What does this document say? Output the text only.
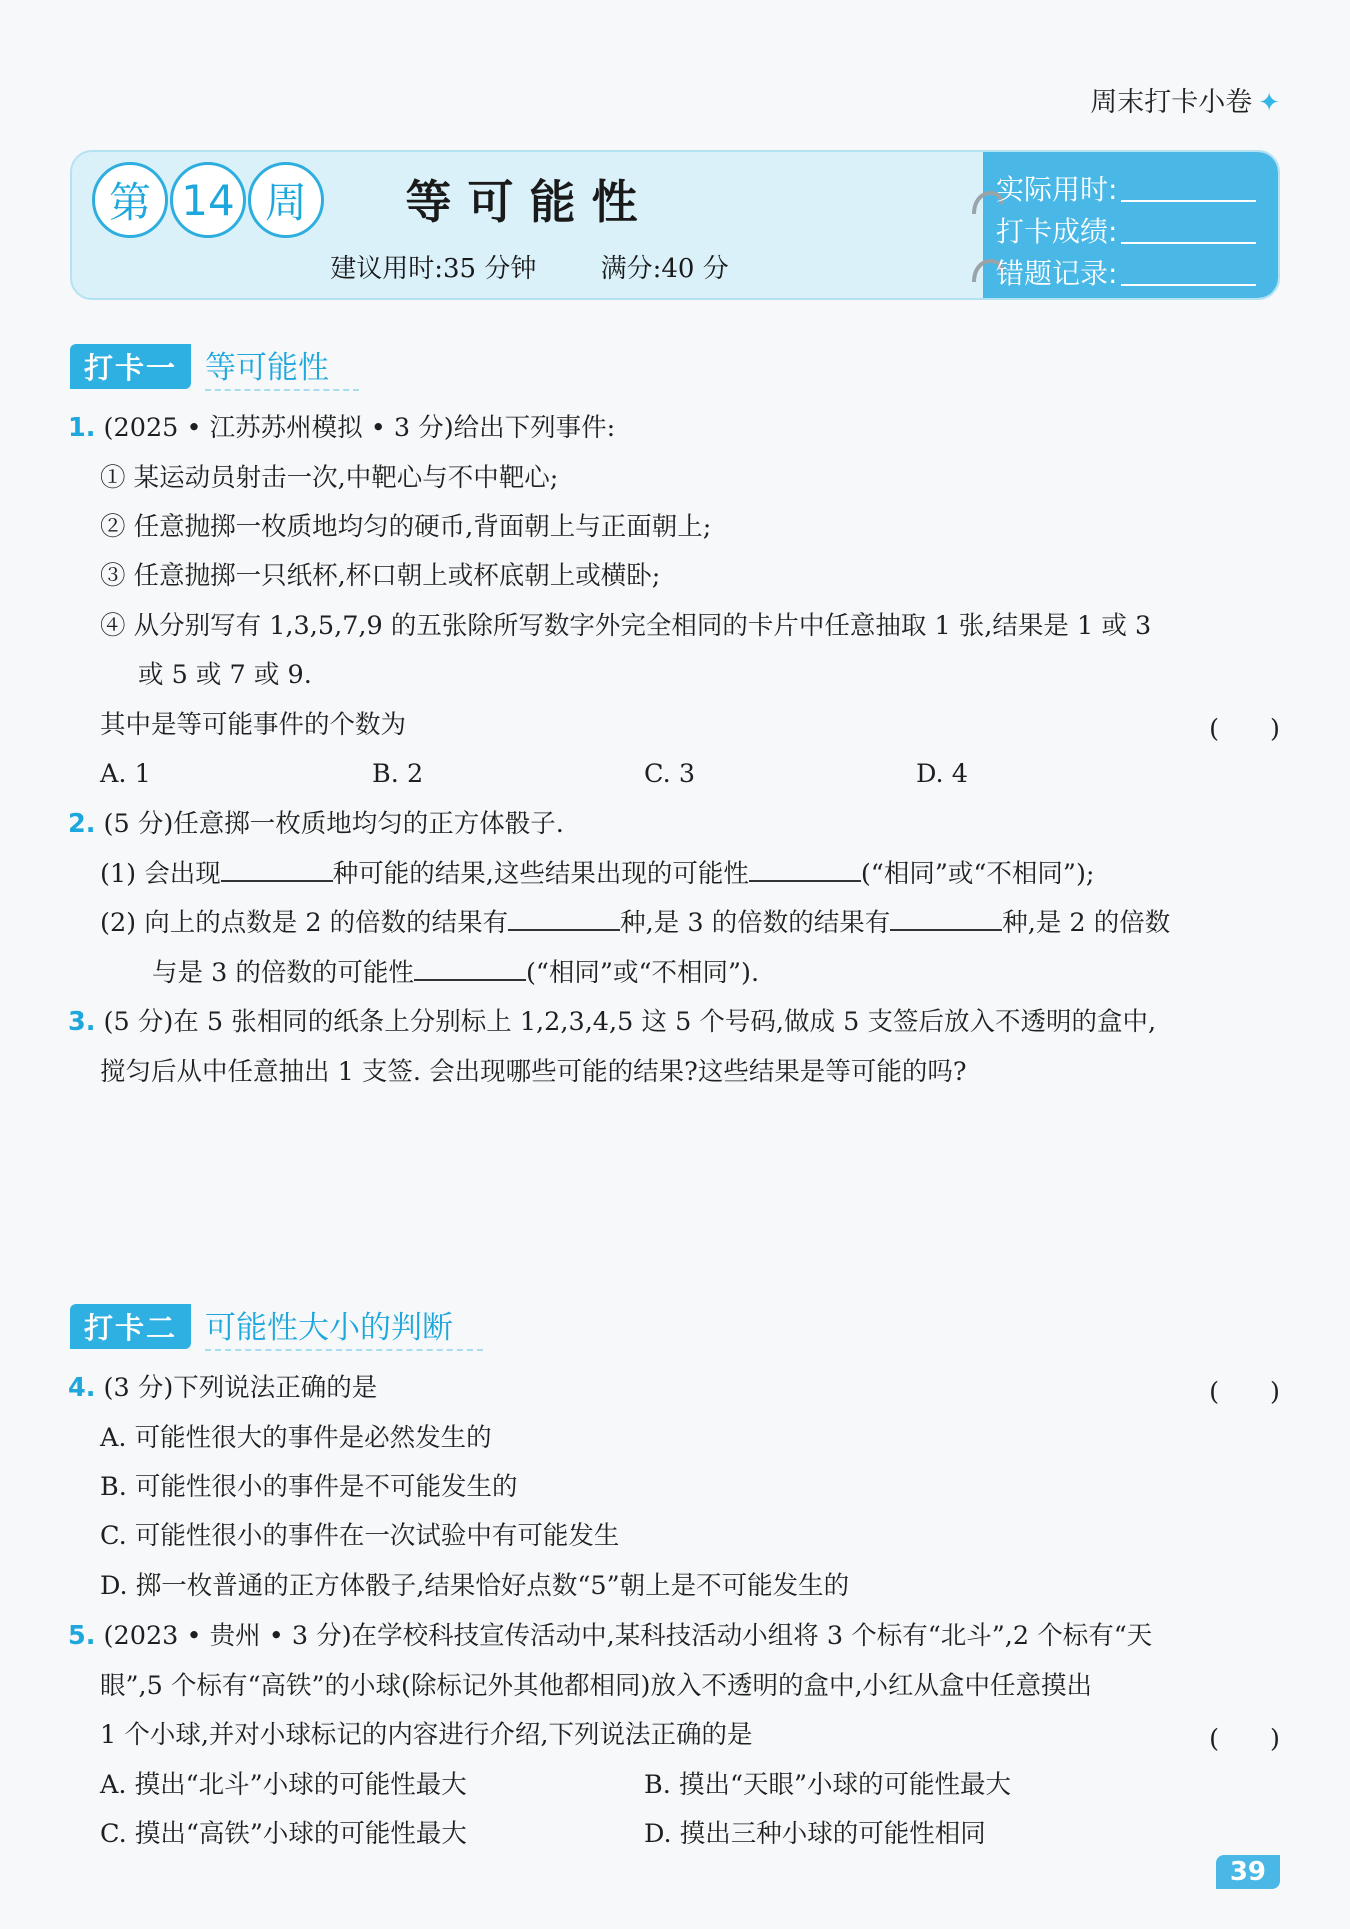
周末打卡小卷 ✦
第 14 周	等可能性
建议用时:35 分钟 满分:40 分
实际用时:
打卡成绩:
错题记录:
打卡一 等可能性
1. (2025 • 江苏苏州模拟 • 3 分)给出下列事件:
① 某运动员射击一次,中靶心与不中靶心;
② 任意抛掷一枚质地均匀的硬币,背面朝上与正面朝上;
③ 任意抛掷一只纸杯,杯口朝上或杯底朝上或横卧;
④ 从分别写有 1,3,5,7,9 的五张除所写数字外完全相同的卡片中任意抽取 1 张,结果是 1 或 3
或 5 或 7 或 9.
其中是等可能事件的个数为	(　　)
A. 1	B. 2	C. 3	D. 4
2. (5 分)任意掷一枚质地均匀的正方体骰子.
(1) 会出现	种可能的结果,这些结果出现的可能性	(“相同”或“不相同”);
(2) 向上的点数是 2 的倍数的结果有	种,是 3 的倍数的结果有	种,是 2 的倍数
与是 3 的倍数的可能性	(“相同”或“不相同”).
3. (5 分)在 5 张相同的纸条上分别标上 1,2,3,4,5 这 5 个号码,做成 5 支签后放入不透明的盒中,
搅匀后从中任意抽出 1 支签. 会出现哪些可能的结果?这些结果是等可能的吗?
打卡二 可能性大小的判断
4. (3 分)下列说法正确的是	(　　)
A. 可能性很大的事件是必然发生的
B. 可能性很小的事件是不可能发生的
C. 可能性很小的事件在一次试验中有可能发生
D. 掷一枚普通的正方体骰子,结果恰好点数“5”朝上是不可能发生的
5. (2023 • 贵州 • 3 分)在学校科技宣传活动中,某科技活动小组将 3 个标有“北斗”,2 个标有“天
眼”,5 个标有“高铁”的小球(除标记外其他都相同)放入不透明的盒中,小红从盒中任意摸出
1 个小球,并对小球标记的内容进行介绍,下列说法正确的是	(　　)
A. 摸出“北斗”小球的可能性最大	B. 摸出“天眼”小球的可能性最大
C. 摸出“高铁”小球的可能性最大	D. 摸出三种小球的可能性相同
39
